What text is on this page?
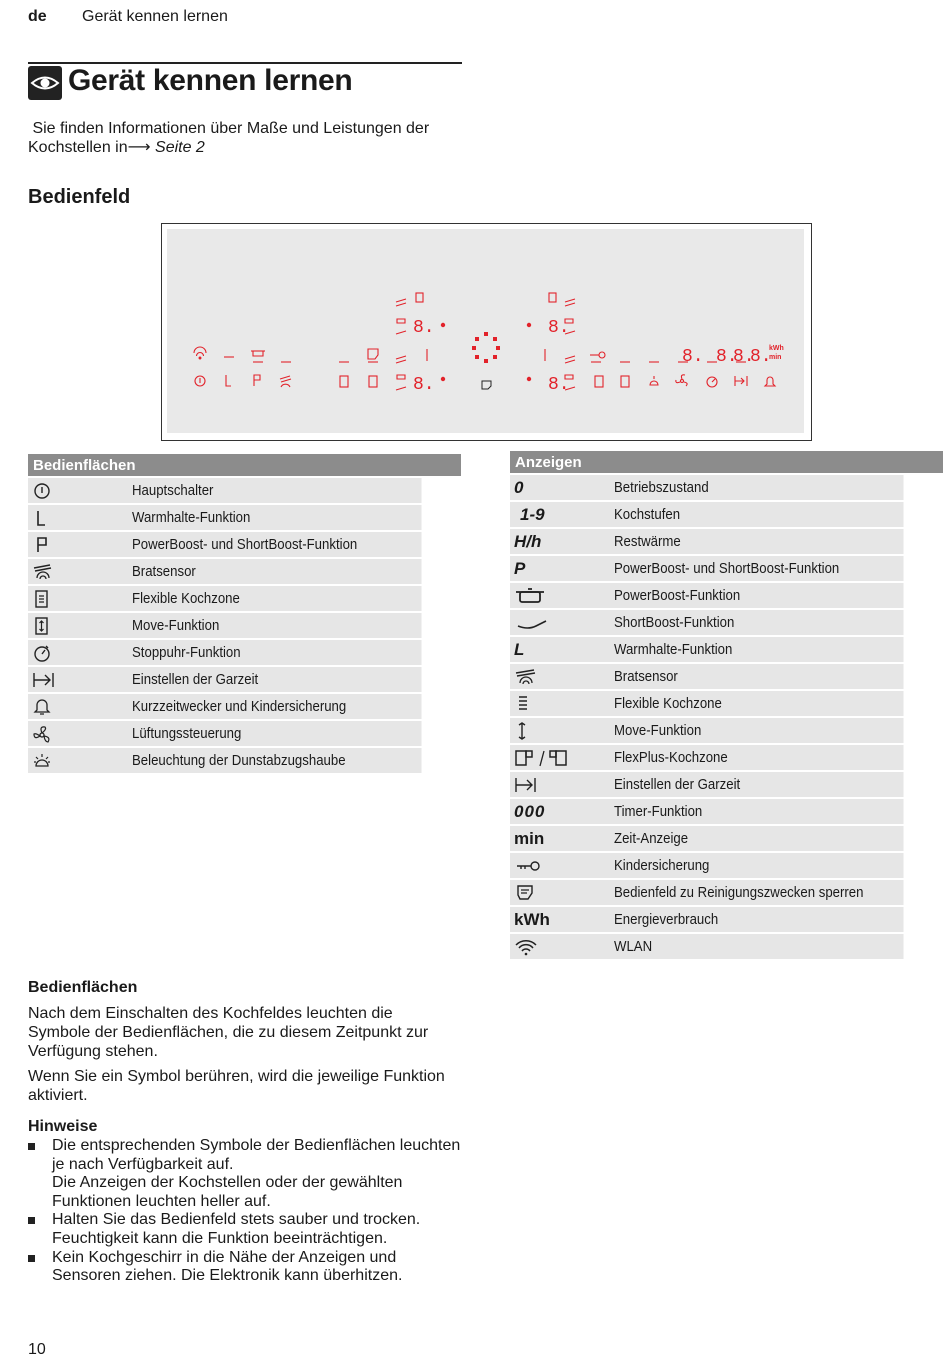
de Gerät kennen lernen
Gerät kennen lernen
Sie finden Informationen über Maße und Leistungen der Kochstellen in⟶ Seite 2
Bedienfeld
8.
8.
8.
8.
8. 8.
8.
8.
kWh
min
Bedienflächen	

	Hauptschalter

	Warmhalte-Funktion

	PowerBoost- und ShortBoost-Funktion

	Bratsensor

	Flexible Kochzone

	Move-Funktion

	Stoppuhr-Funktion

	Einstellen der Garzeit

	Kurzzeitwecker und Kindersicherung

	Lüftungssteuerung

	Beleuchtung der Dunstabzugshaube
Anzeigen	
0	Betriebszustand
1-9	Kochstufen
H/h	Restwärme
P	PowerBoost- und ShortBoost-Funktion

	PowerBoost-Funktion

	ShortBoost-Funktion
L	Warmhalte-Funktion

	Bratsensor

	Flexible Kochzone

	Move-Funktion

	FlexPlus-Kochzone

	Einstellen der Garzeit
000	Timer-Funktion
min	Zeit-Anzeige

	Kindersicherung

	Bedienfeld zu Reinigungszwecken sperren
kWh	Energieverbrauch

	WLAN
Bedienflächen
Nach dem Einschalten des Kochfeldes leuchten die Symbole der Bedienflächen, die zu diesem Zeitpunkt zur Verfügung stehen.
Wenn Sie ein Symbol berühren, wird die jeweilige Funktion aktiviert.
Hinweise
Die entsprechenden Symbole der Bedienflächen leuchten je nach Verfügbarkeit auf.
Die Anzeigen der Kochstellen oder der gewählten Funktionen leuchten heller auf.
Halten Sie das Bedienfeld stets sauber und trocken. Feuchtigkeit kann die Funktion beeinträchtigen.
Kein Kochgeschirr in die Nähe der Anzeigen und Sensoren ziehen. Die Elektronik kann überhitzen.
10
